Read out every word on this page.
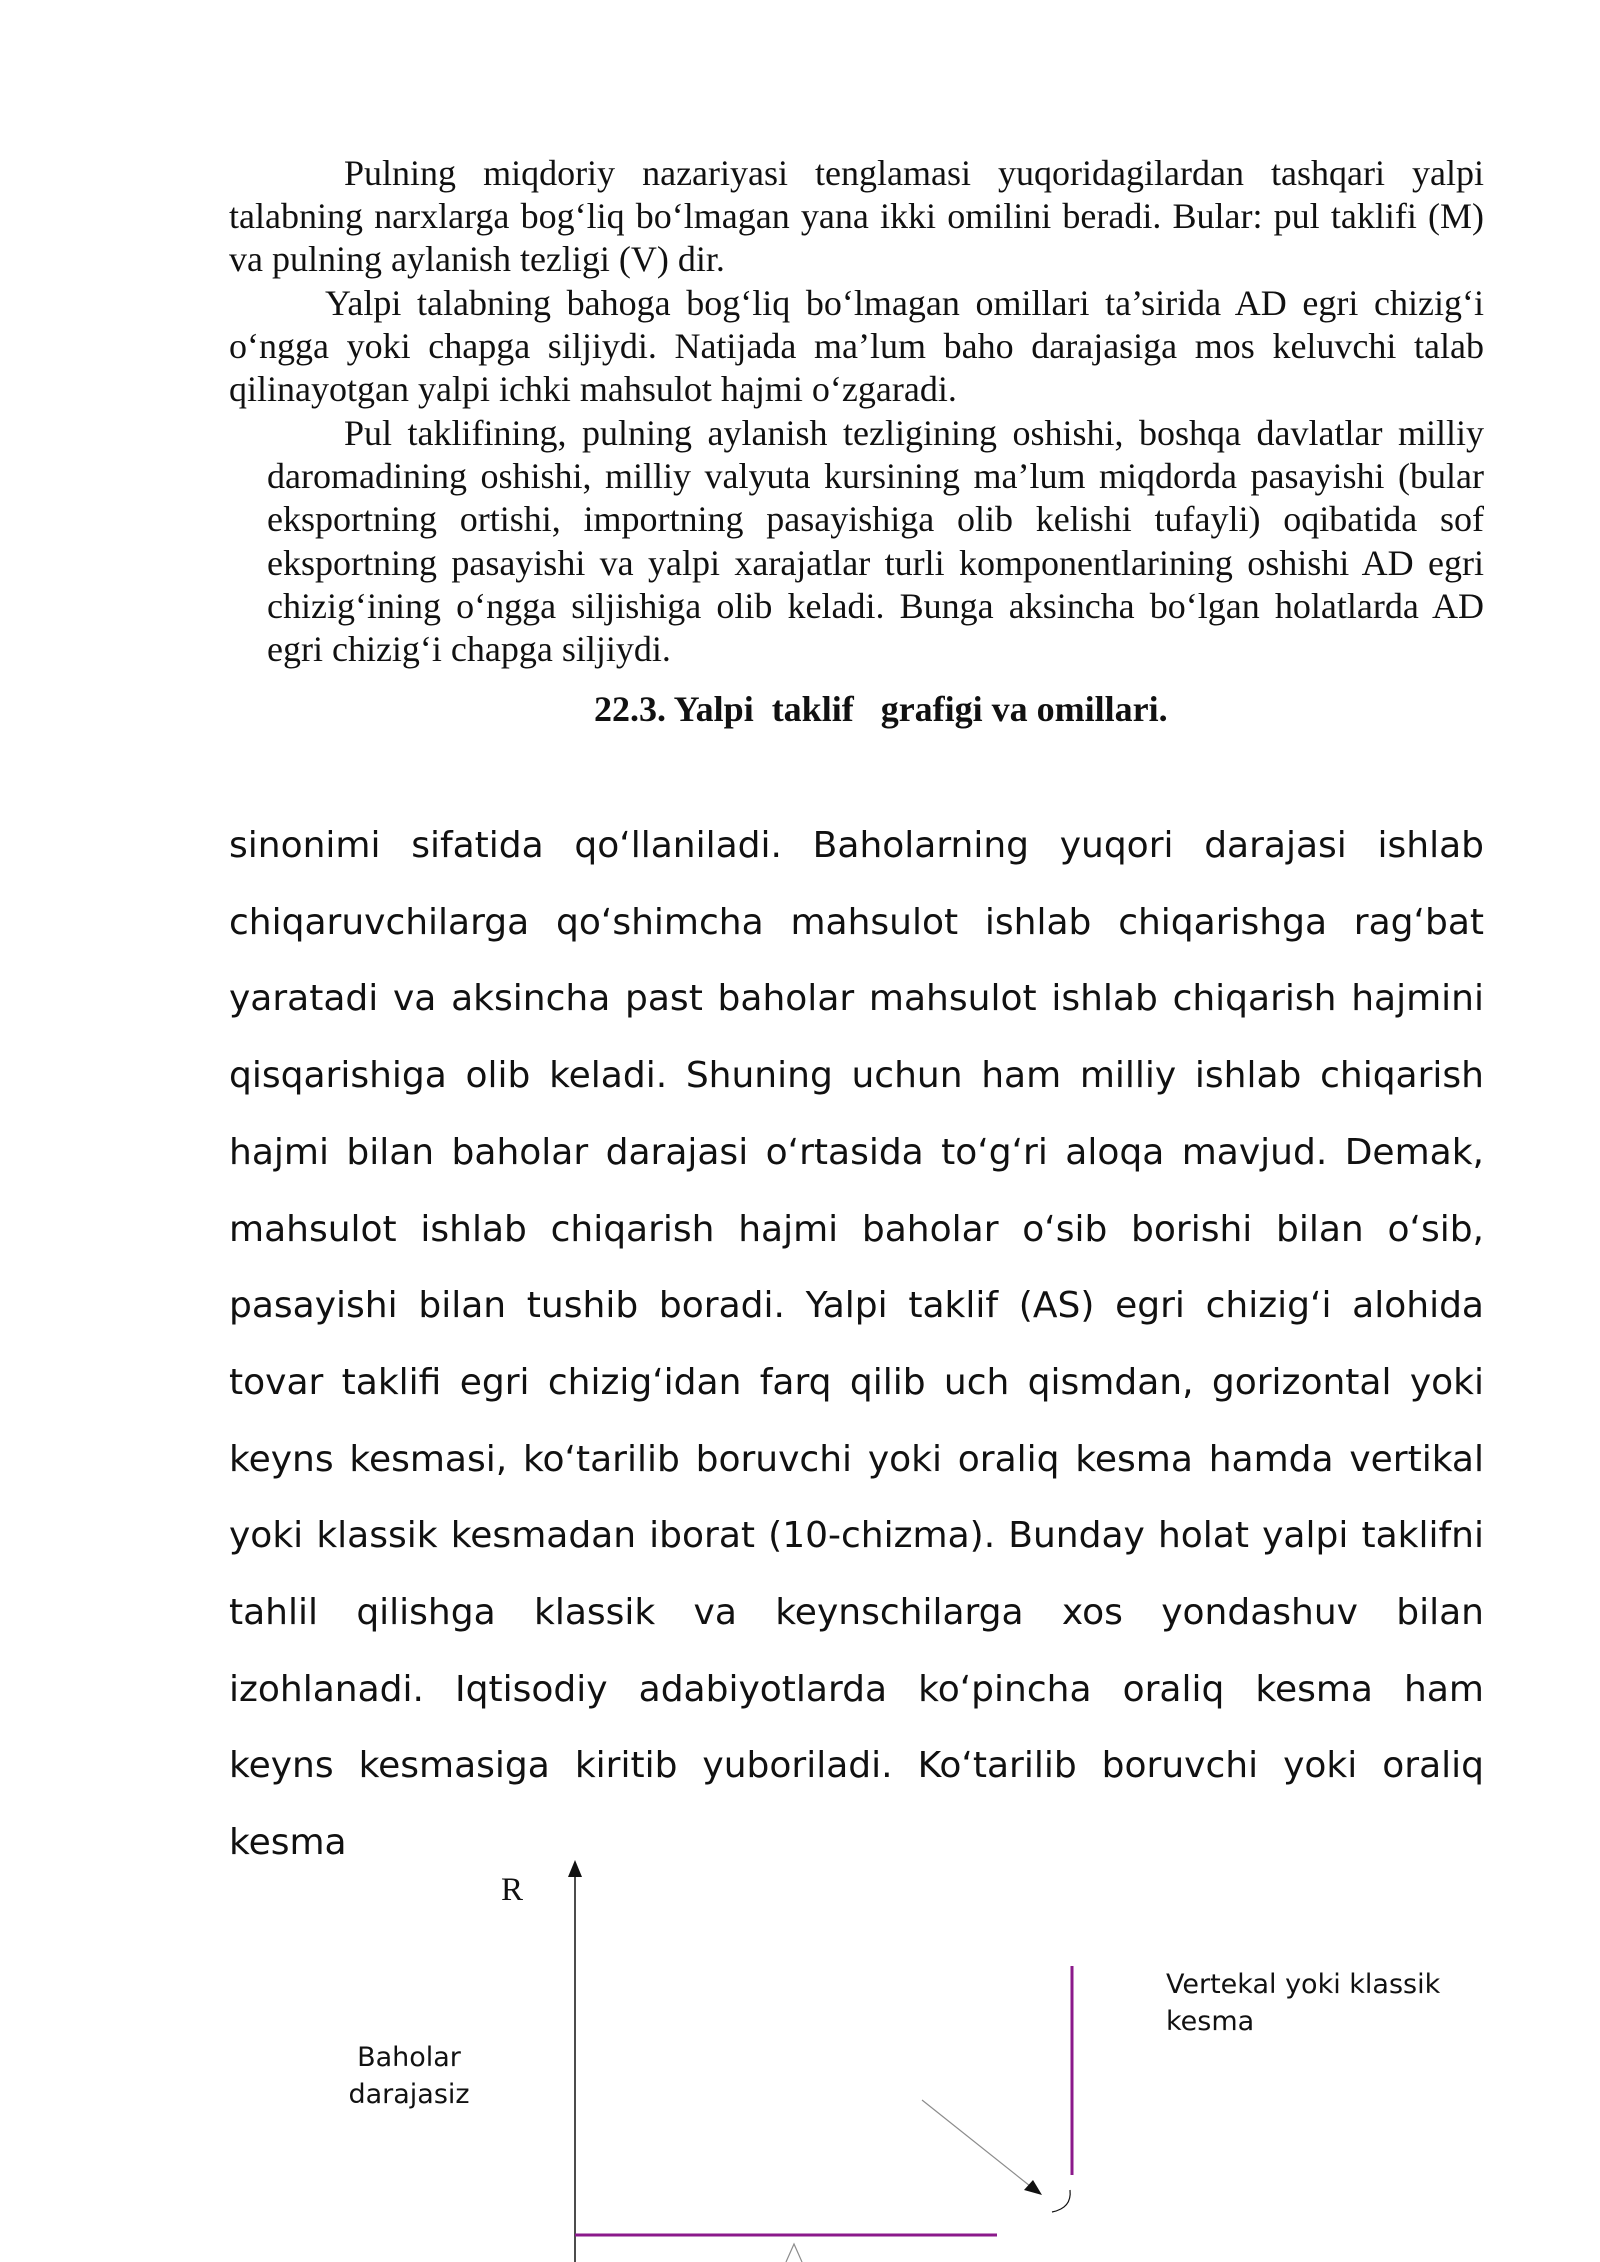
Pulning miqdoriy nazariyasi tenglamasi yuqoridagilardan tashqari yalpi talabning narxlarga bog‘liq bo‘lmagan yana ikki omilini beradi. Bular: pul taklifi (M) va pulning aylanish tezligi (V) dir.

Yalpi talabning bahoga bog‘liq bo‘lmagan omillari ta’sirida AD egri chizig‘i o‘ngga yoki chapga siljiydi. Natijada ma’lum baho darajasiga mos keluvchi talab qilinayotgan yalpi ichki mahsulot hajmi o‘zgaradi.

Pul taklifining, pulning aylanish tezligining oshishi, boshqa davlatlar milliy daromadining oshishi, milliy valyuta kursining ma’lum miqdorda pasayishi (bular eksportning ortishi, importning pasayishiga olib kelishi tufayli) oqibatida sof eksportning pasayishi va yalpi xarajatlar turli komponentlarining oshishi AD egri chizig‘ining o‘ngga siljishiga olib keladi. Bunga aksincha bo‘lgan holatlarda AD egri chizig‘i chapga siljiydi.

22.3. Yalpi  taklif   grafigi va omillari.

sinonimi sifatida qo‘llaniladi. Baholarning yuqori darajasi ishlab chiqaruvchilarga qo‘shimcha mahsulot ishlab chiqarishga rag‘bat yaratadi va aksincha past baholar mahsulot ishlab chiqarish hajmini qisqarishiga olib keladi. Shuning uchun ham milliy ishlab chiqarish hajmi bilan baholar darajasi o‘rtasida to‘g‘ri aloqa mavjud. Demak, mahsulot ishlab chiqarish hajmi baholar o‘sib borishi bilan o‘sib, pasayishi bilan tushib boradi. Yalpi taklif (AS) egri chizig‘i alohida tovar taklifi egri chizig‘idan farq qilib uch qismdan, gorizontal yoki keyns kesmasi, ko‘tarilib boruvchi yoki oraliq kesma hamda vertikal yoki klassik kesmadan iborat (10-chizma). Bunday holat yalpi taklifni tahlil qilishga klassik va keynschilarga xos yondashuv bilan izohlanadi. Iqtisodiy adabiyotlarda ko‘pincha oraliq kesma ham keyns kesmasiga kiritib yuboriladi. Ko‘tarilib boruvchi yoki oraliq kesma

R

Vertekal yoki klassik kesma

Baholar darajasiz
